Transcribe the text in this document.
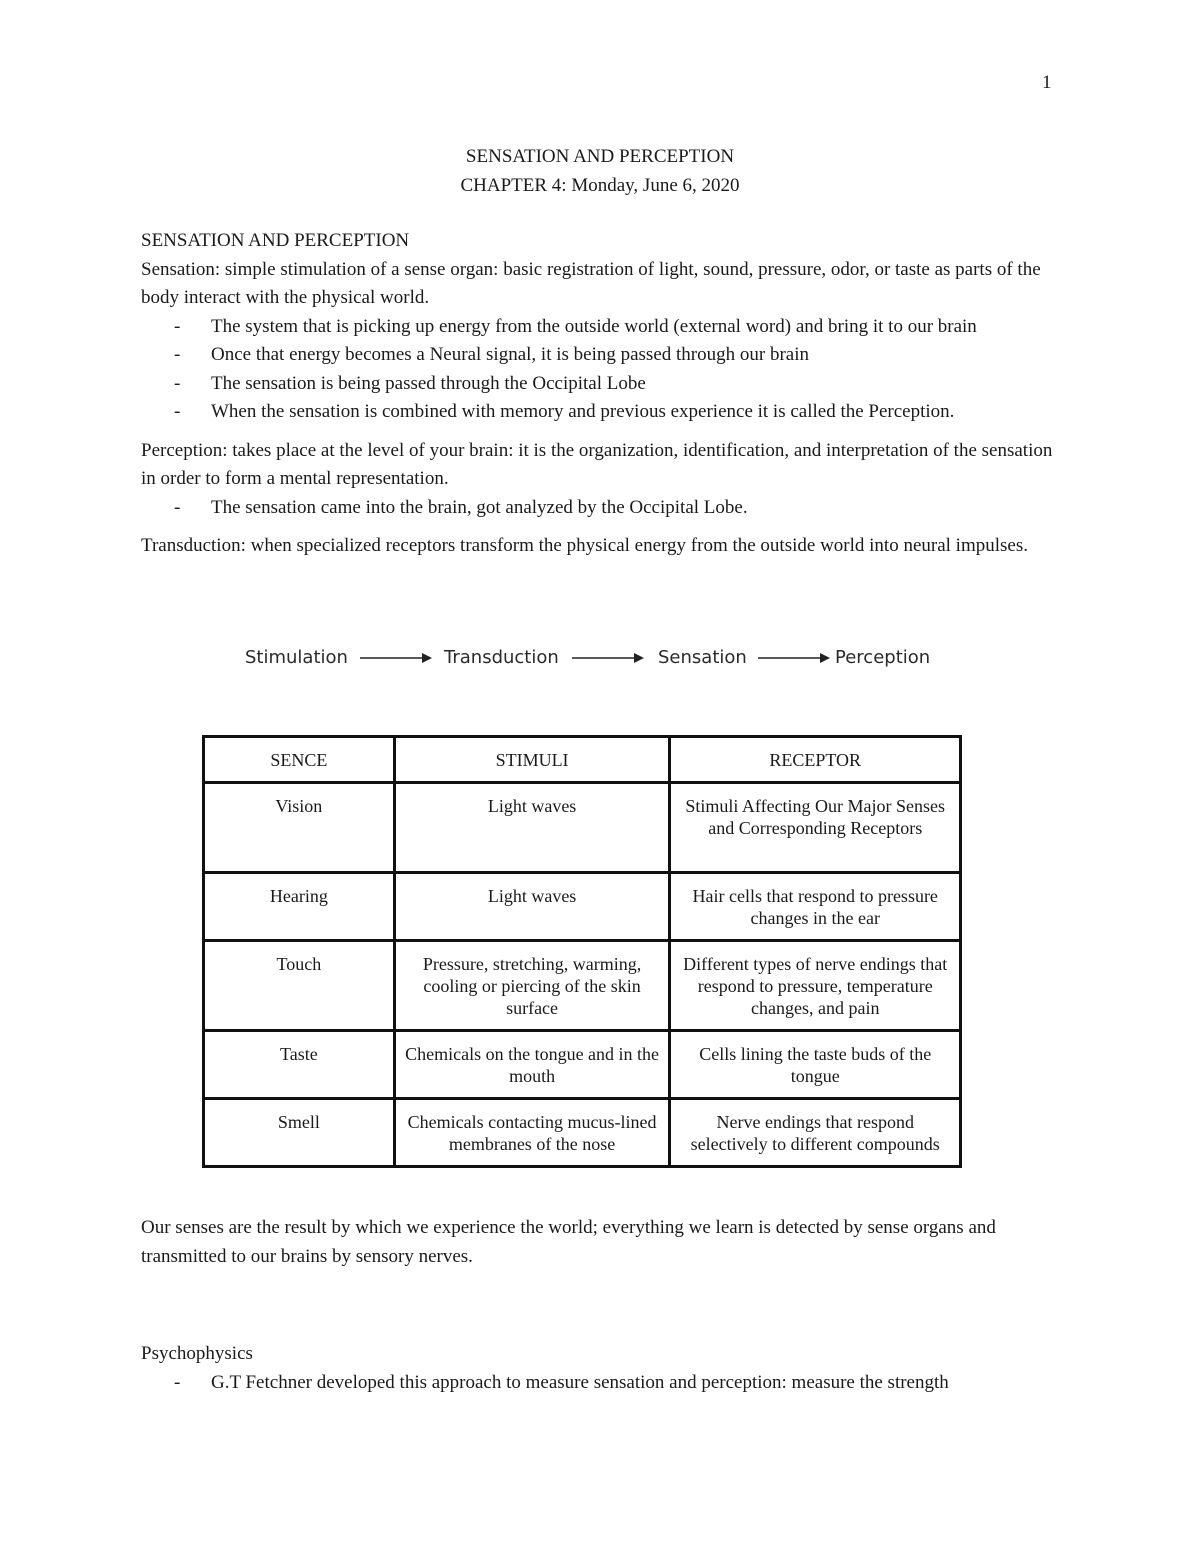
1
SENSATION AND PERCEPTION
CHAPTER 4: Monday, June 6, 2020

SENSATION AND PERCEPTION

Sensation: simple stimulation of a sense organ: basic registration of light, sound, pressure, odor, or taste as parts of the body interact with the physical world.

- The system that is picking up energy from the outside world (external word) and bring it to our brain
- Once that energy becomes a Neural signal, it is being passed through our brain
- The sensation is being passed through the Occipital Lobe
- When the sensation is combined with memory and previous experience it is called the Perception.

Perception: takes place at the level of your brain: it is the organization, identification, and interpretation of the sensation in order to form a mental representation.

- The sensation came into the brain, got analyzed by the Occipital Lobe.

Transduction: when specialized receptors transform the physical energy from the outside world into neural impulses.

Stimulation	Transduction	Sensation	Perception
SENCE	STIMULI	RECEPTOR
Vision	Light waves	Stimuli Affecting Our Major Senses and Corresponding Receptors
Hearing	Light waves	Hair cells that respond to pressure changes in the ear
Touch	Pressure, stretching, warming, cooling or piercing of the skin surface	Different types of nerve endings that respond to pressure, temperature changes, and pain
Taste	Chemicals on the tongue and in the mouth	Cells lining the taste buds of the tongue
Smell	Chemicals contacting mucus-lined membranes of the nose	Nerve endings that respond selectively to different compounds

Our senses are the result by which we experience the world; everything we learn is detected by sense organs and transmitted to our brains by sensory nerves.

Psychophysics

- G.T Fetchner developed this approach to measure sensation and perception: measure the strength
